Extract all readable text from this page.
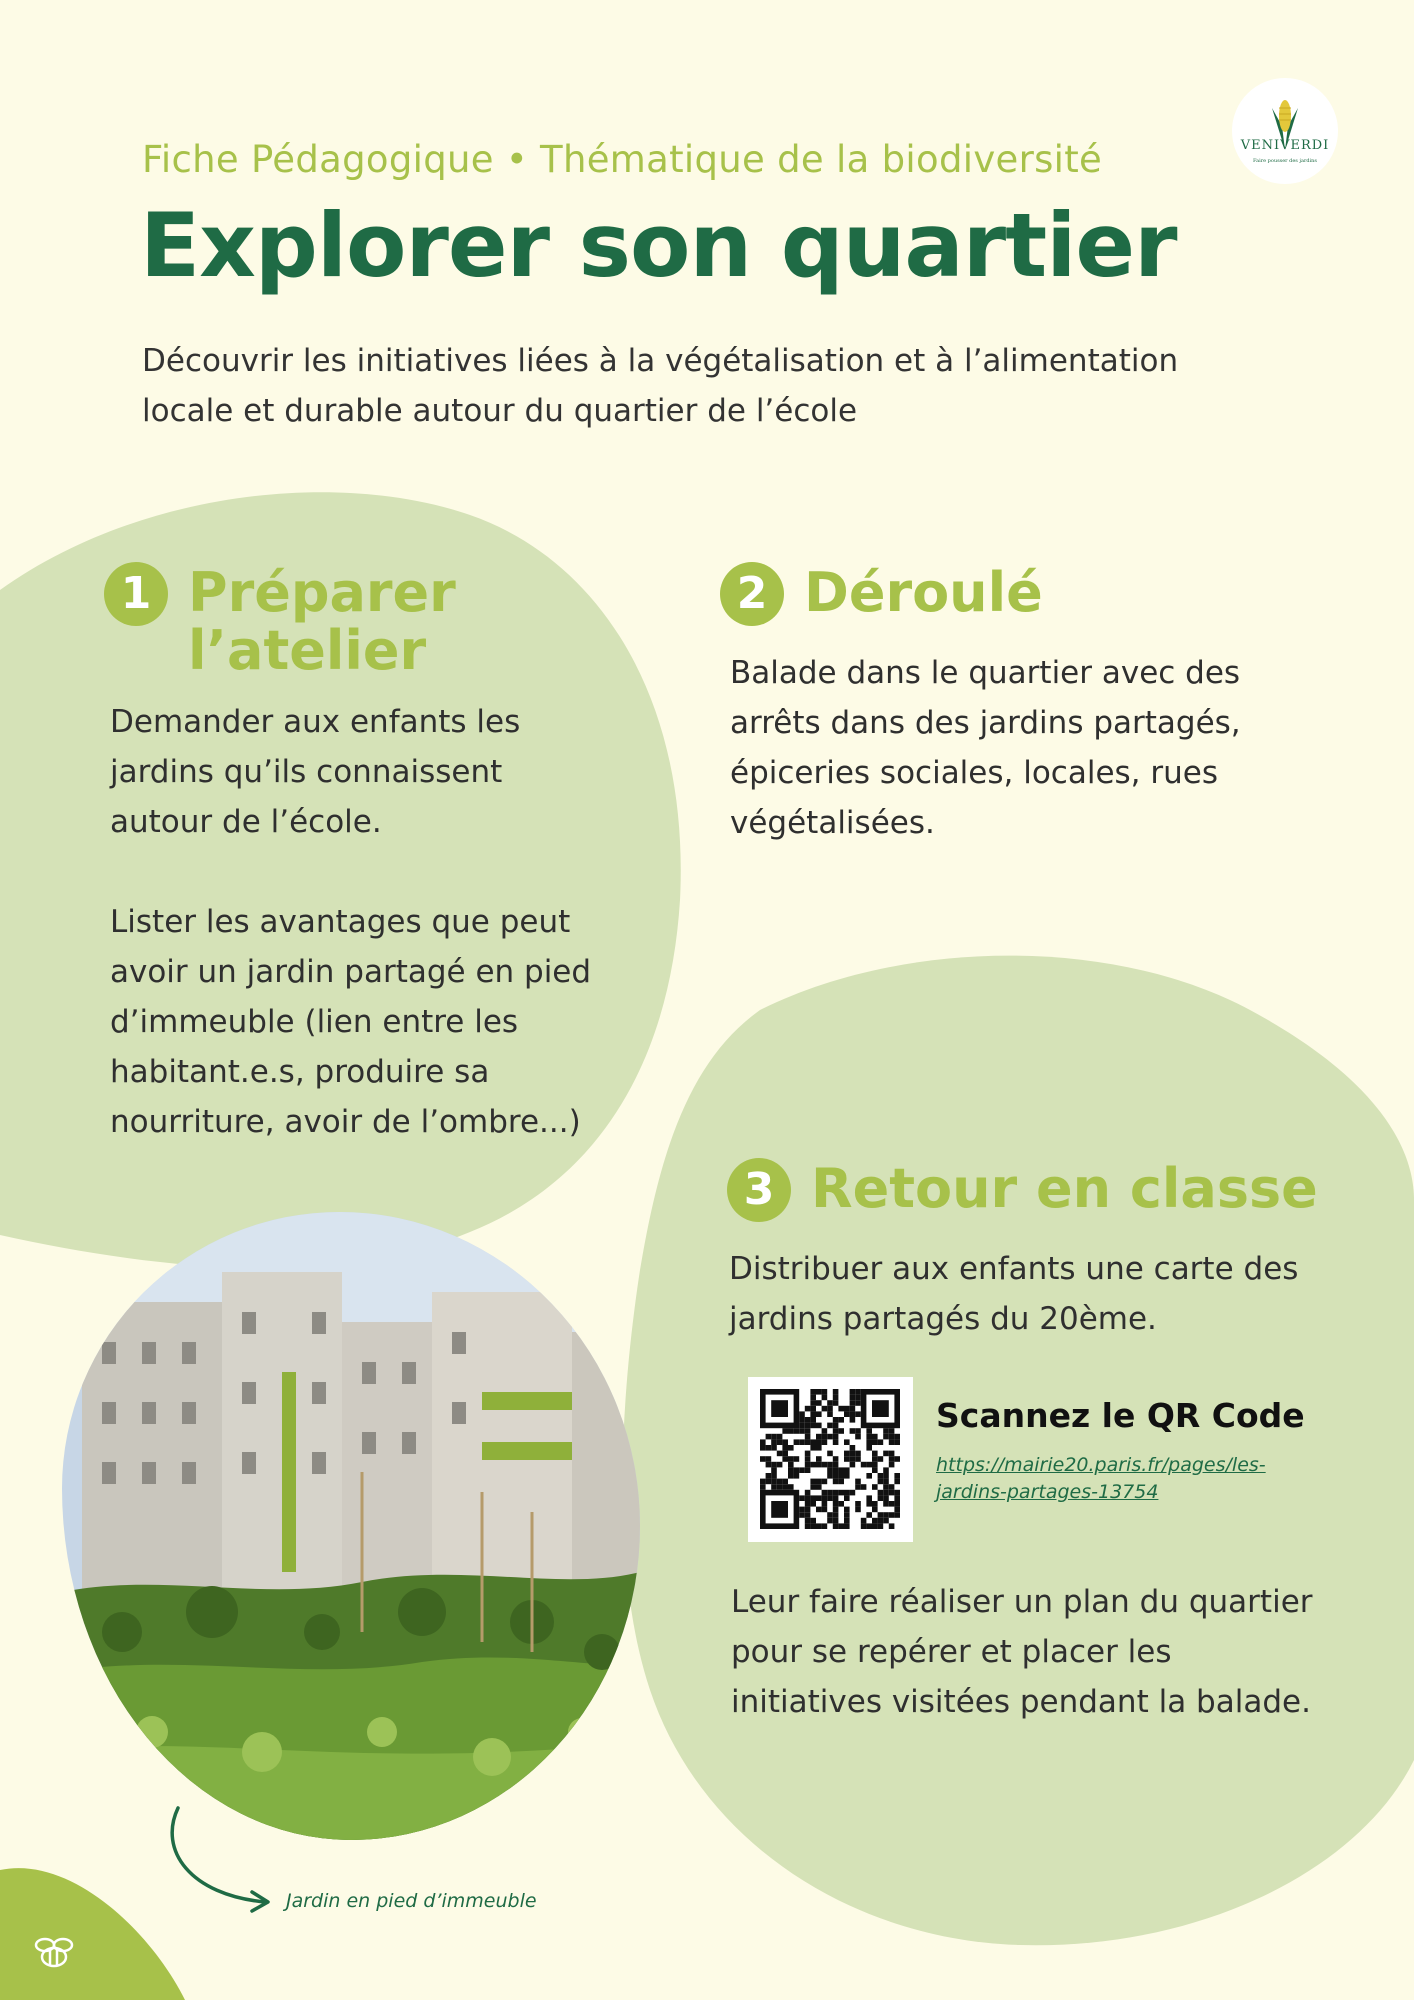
VENIVERDI
Faire pousser des jardins
Fiche Pédagogique • Thématique de la biodiversité
Explorer son quartier
Découvrir les initiatives liées à la végétalisation et à l’alimentation
locale et durable autour du quartier de l’école
1 Préparer
l’atelier
Demander aux enfants les
jardins qu’ils connaissent
autour de l’école.
Lister les avantages que peut
avoir un jardin partagé en pied
d’immeuble (lien entre les
habitant.e.s, produire sa
nourriture, avoir de l’ombre...)
2 Déroulé
Balade dans le quartier avec des
arrêts dans des jardins partagés,
épiceries sociales, locales, rues
végétalisées.
Jardin en pied d’immeuble
3 Retour en classe
Distribuer aux enfants une carte des
jardins partagés du 20ème.
Scannez le QR Code
https://mairie20.paris.fr/pages/les-
jardins-partages-13754
Leur faire réaliser un plan du quartier
pour se repérer et placer les
initiatives visitées pendant la balade.
